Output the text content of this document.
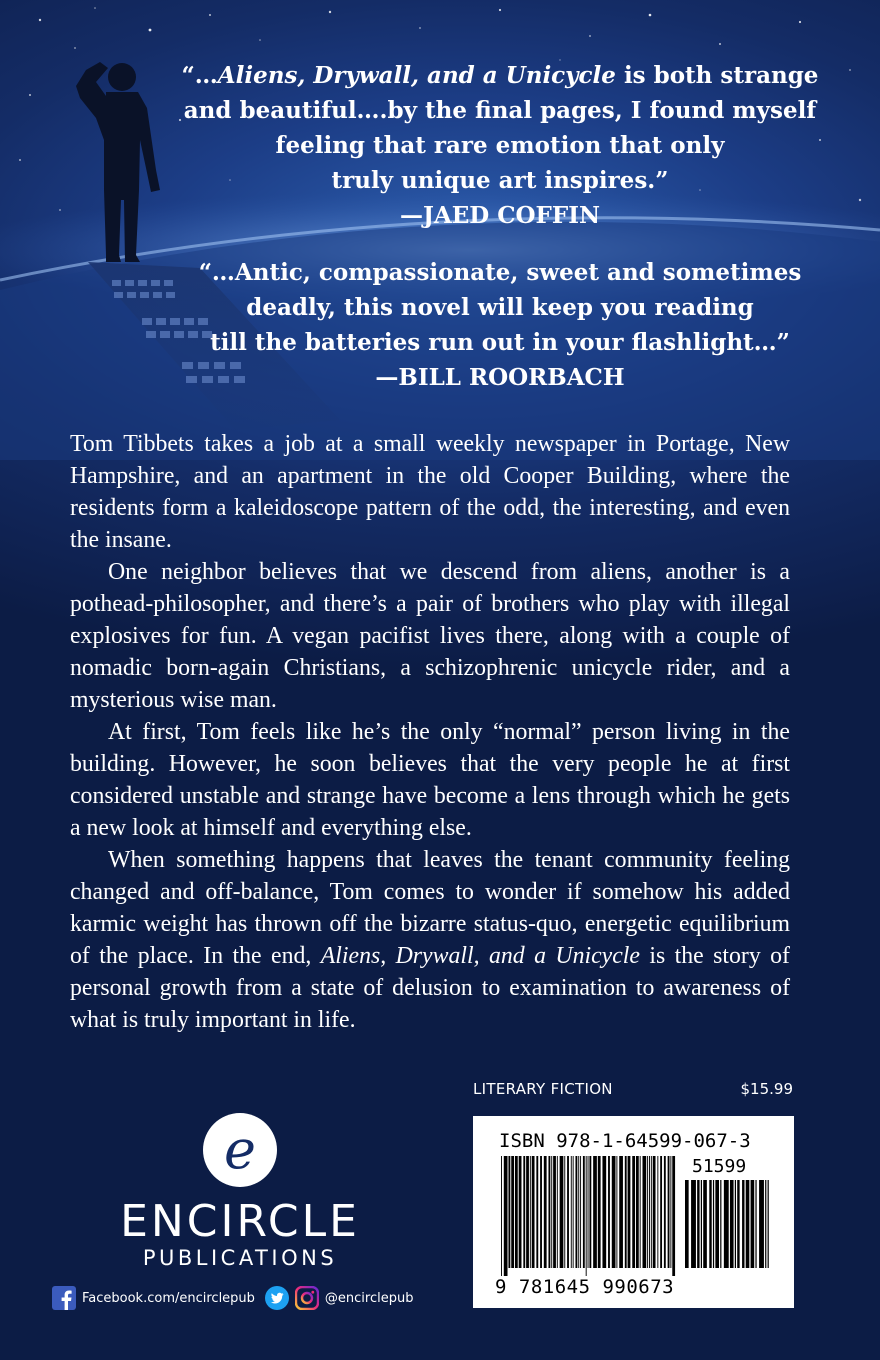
“…Aliens, Drywall, and a Unicycle is both strange
and beautiful….by the final pages, I found myself
feeling that rare emotion that only
truly unique art inspires.”
—JAED COFFIN
“…Antic, compassionate, sweet and sometimes
deadly, this novel will keep you reading
till the batteries run out in your flashlight…”
—BILL ROORBACH

Tom Tibbets takes a job at a small weekly newspaper in Portage, New Hampshire, and an apartment in the old Cooper Building, where the residents form a kaleidoscope pattern of the odd, the interesting, and even the insane.

One neighbor believes that we descend from aliens, another is a pothead-philosopher, and there’s a pair of brothers who play with illegal explosives for fun. A vegan pacifist lives there, along with a couple of nomadic born-again Christians, a schizophrenic unicycle rider, and a mysterious wise man.

At first, Tom feels like he’s the only “normal” person living in the building. However, he soon believes that the very people he at first considered unstable and strange have become a lens through which he gets a new look at himself and everything else.

When something happens that leaves the tenant community feeling changed and off-balance, Tom comes to wonder if somehow his added karmic weight has thrown off the bizarre status-quo, energetic equilibrium of the place. In the end, Aliens, Drywall, and a Unicycle is the story of personal growth from a state of delusion to examination to awareness of what is truly important in life.

LITERARY FICTION	$15.99
ISBN 978-1-64599-067-3
51599
9 781645 990673
e
ENCIRCLE
PUBLICATIONS
Facebook.com/encirclepub	@encirclepub
